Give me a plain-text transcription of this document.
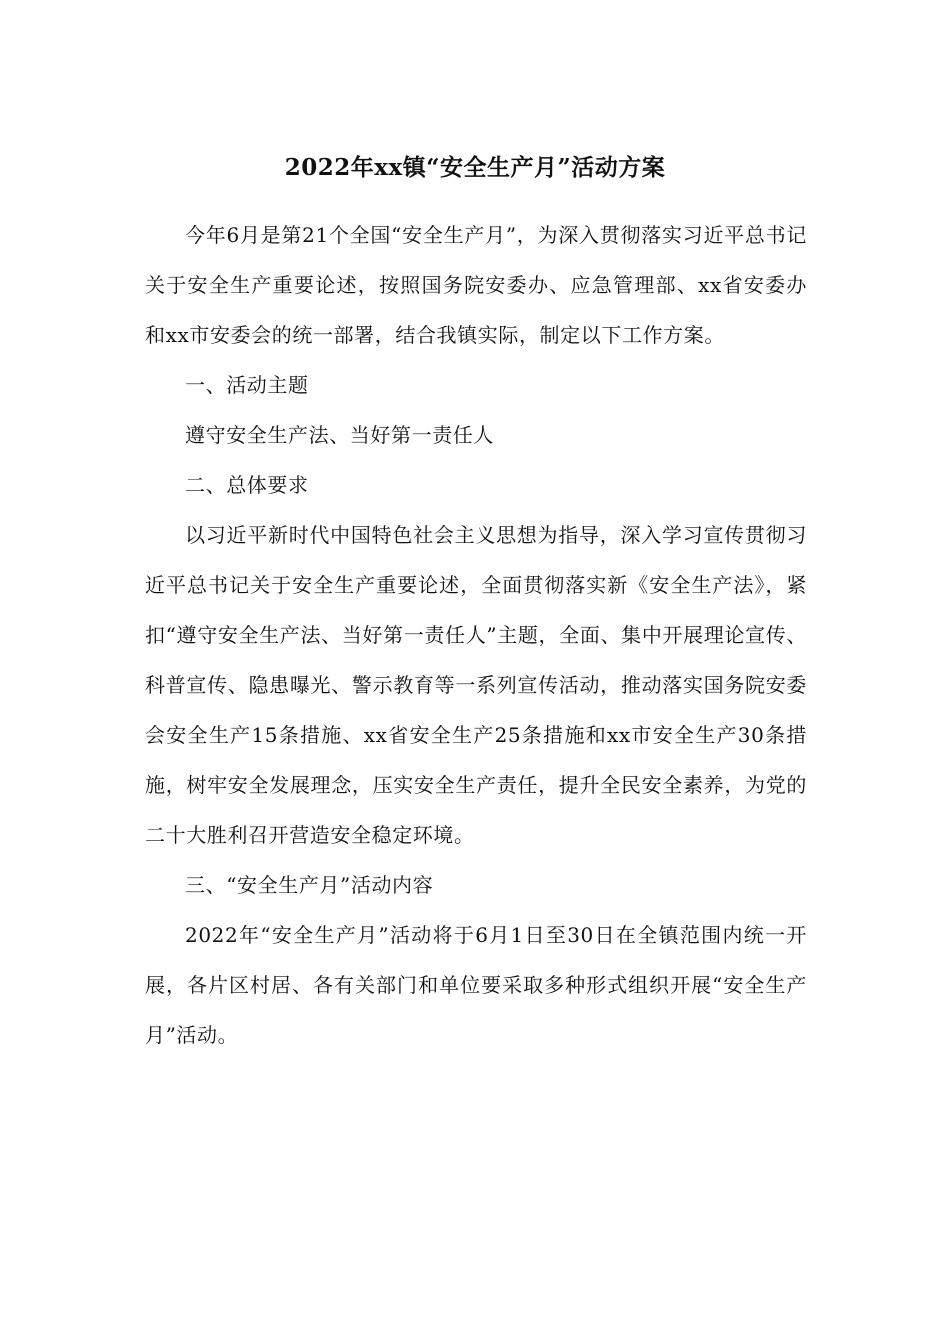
2022年xx镇“安全生产月”活动方案

今年6月是第21个全国“安全生产月”，为深入贯彻落实习近平总书记关于安全生产重要论述，按照国务院安委办、应急管理部、xx省安委办和xx市安委会的统一部署，结合我镇实际，制定以下工作方案。

一、活动主题

遵守安全生产法、当好第一责任人

二、总体要求

以习近平新时代中国特色社会主义思想为指导，深入学习宣传贯彻习近平总书记关于安全生产重要论述，全面贯彻落实新《安全生产法》，紧扣“遵守安全生产法、当好第一责任人”主题，全面、集中开展理论宣传、科普宣传、隐患曝光、警示教育等一系列宣传活动，推动落实国务院安委会安全生产15条措施、xx省安全生产25条措施和xx市安全生产30条措施，树牢安全发展理念，压实安全生产责任，提升全民安全素养，为党的二十大胜利召开营造安全稳定环境。

三、“安全生产月”活动内容

2022年“安全生产月”活动将于6月1日至30日在全镇范围内统一开展，各片区村居、各有关部门和单位要采取多种形式组织开展“安全生产月”活动。
